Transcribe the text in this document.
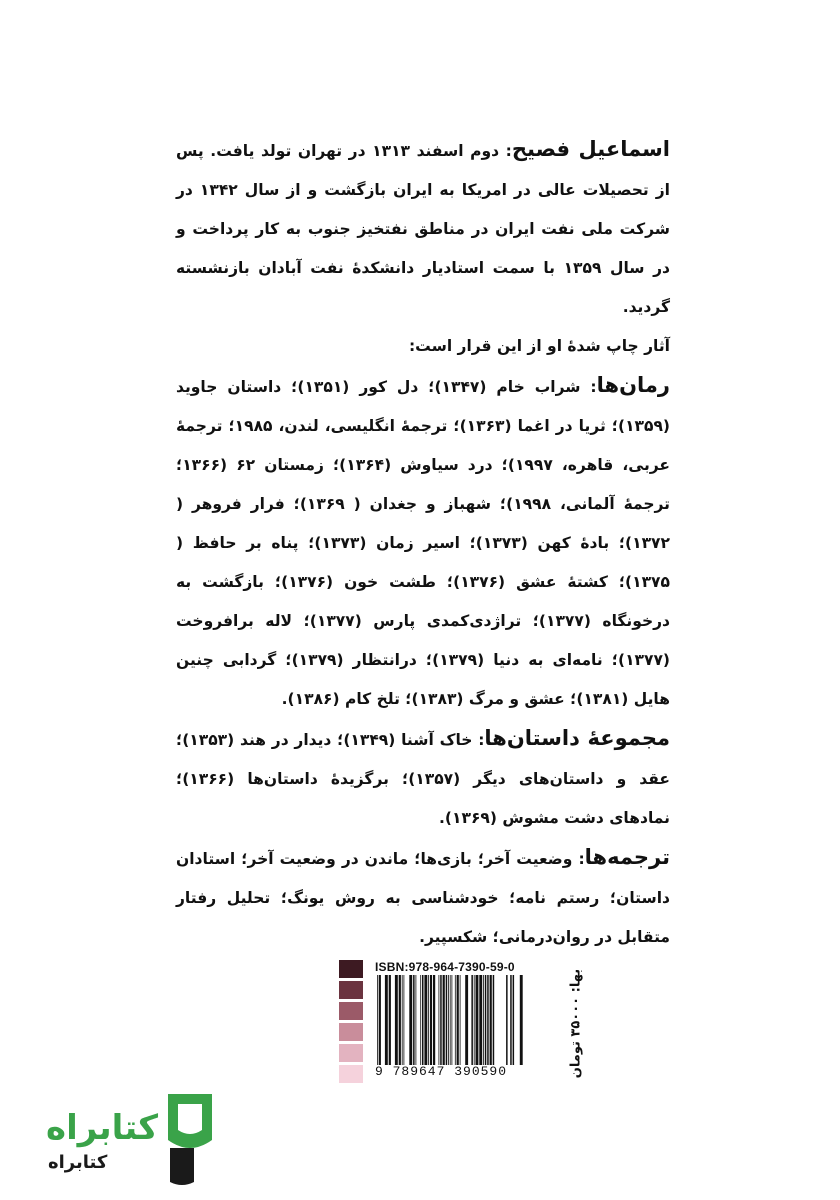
اسماعیل فصیح: دوم اسفند ۱۳۱۳ در تهران تولد یافت. پس از تحصیلات عالی در امریکا به ایران بازگشت و از سال ۱۳۴۲ در شرکت ملی نفت ایران در مناطق نفتخیز جنوب به کار پرداخت و در سال ۱۳۵۹ با سمت استادیار دانشکدهٔ نفت آبادان بازنشسته گردید.

آثار چاپ شدهٔ او از این قرار است:

رمان‌ها: شراب خام (۱۳۴۷)؛ دل کور (۱۳۵۱)؛ داستان جاوید (۱۳۵۹)؛ ثریا در اغما (۱۳۶۳)؛ ترجمهٔ انگلیسی، لندن، ۱۹۸۵؛ ترجمهٔ عربی، قاهره، ۱۹۹۷)؛ درد سیاوش (۱۳۶۴)؛ زمستان ۶۲ (۱۳۶۶؛ ترجمهٔ آلمانی، ۱۹۹۸)؛ شهباز و جغدان ( ۱۳۶۹)؛ فرار فروهر ( ۱۳۷۲)؛ بادهٔ کهن (۱۳۷۳)؛ اسیر زمان (۱۳۷۳)؛ پناه بر حافظ ( ۱۳۷۵)؛ کشتهٔ عشق (۱۳۷۶)؛ طشت خون (۱۳۷۶)؛ بازگشت به درخونگاه (۱۳۷۷)؛ تراژدی‌کمدی پارس (۱۳۷۷)؛ لاله برافروخت (۱۳۷۷)؛ نامه‌ای به دنیا (۱۳۷۹)؛ درانتظار (۱۳۷۹)؛ گردابی چنین هایل (۱۳۸۱)؛ عشق و مرگ (۱۳۸۳)؛ تلخ کام (۱۳۸۶).

مجموعهٔ داستان‌ها: خاک آشنا (۱۳۴۹)؛ دیدار در هند (۱۳۵۳)؛ عقد و داستان‌های دیگر (۱۳۵۷)؛ برگزیدهٔ داستان‌ها (۱۳۶۶)؛ نمادهای دشت مشوش (۱۳۶۹).

ترجمه‌ها: وضعیت آخر؛ بازی‌ها؛ ماندن در وضعیت آخر؛ استادان داستان؛ رستم نامه؛ خودشناسی به روش یونگ؛ تحلیل رفتار متقابل در روان‌درمانی؛ شکسپیر.

ISBN:978-964-7390-59-0
9 789647 390590	بها: ۳۵۰۰۰ تومان
کتابراه
کتابراه
